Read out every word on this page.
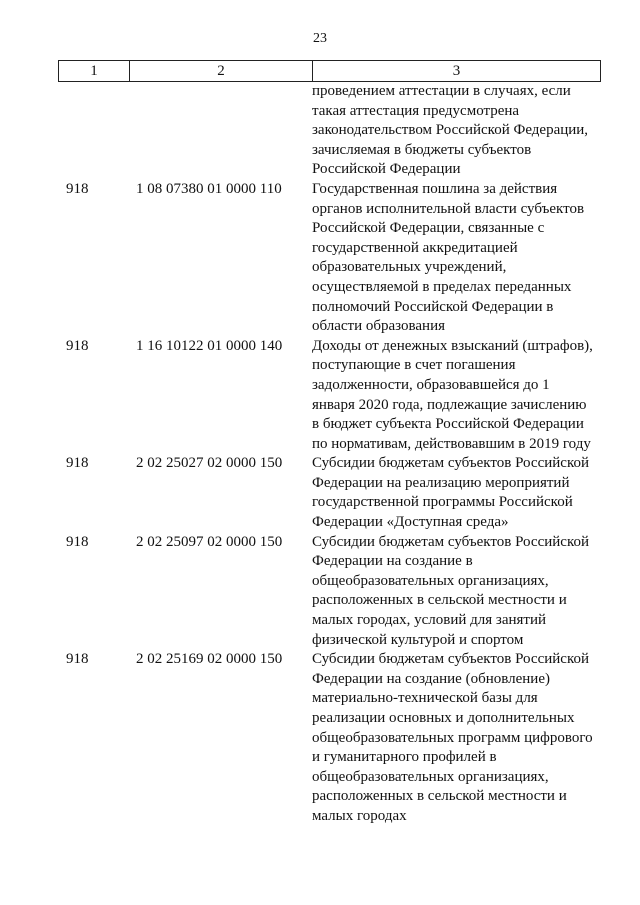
23
1	2	3
проведением аттестации в случаях, если
такая аттестация предусмотрена
законодательством Российской Федерации,
зачисляемая в бюджеты субъектов
Российской Федерации
918	1 08 07380 01 0000 110	Государственная пошлина за действия
органов исполнительной власти субъектов
Российской Федерации, связанные с
государственной аккредитацией
образовательных учреждений,
осуществляемой в пределах переданных
полномочий Российской Федерации в
области образования
918	1 16 10122 01 0000 140	Доходы от денежных взысканий (штрафов),
поступающие в счет погашения
задолженности, образовавшейся до 1
января 2020 года, подлежащие зачислению
в бюджет субъекта Российской Федерации
по нормативам, действовавшим в 2019 году
918	2 02 25027 02 0000 150	Субсидии бюджетам субъектов Российской
Федерации на реализацию мероприятий
государственной программы Российской
Федерации «Доступная среда»
918	2 02 25097 02 0000 150	Субсидии бюджетам субъектов Российской
Федерации на создание в
общеобразовательных организациях,
расположенных в сельской местности и
малых городах, условий для занятий
физической культурой и спортом
918	2 02 25169 02 0000 150	Субсидии бюджетам субъектов Российской
Федерации на создание (обновление)
материально-технической базы для
реализации основных и дополнительных
общеобразовательных программ цифрового
и гуманитарного профилей в
общеобразовательных организациях,
расположенных в сельской местности и
малых городах
